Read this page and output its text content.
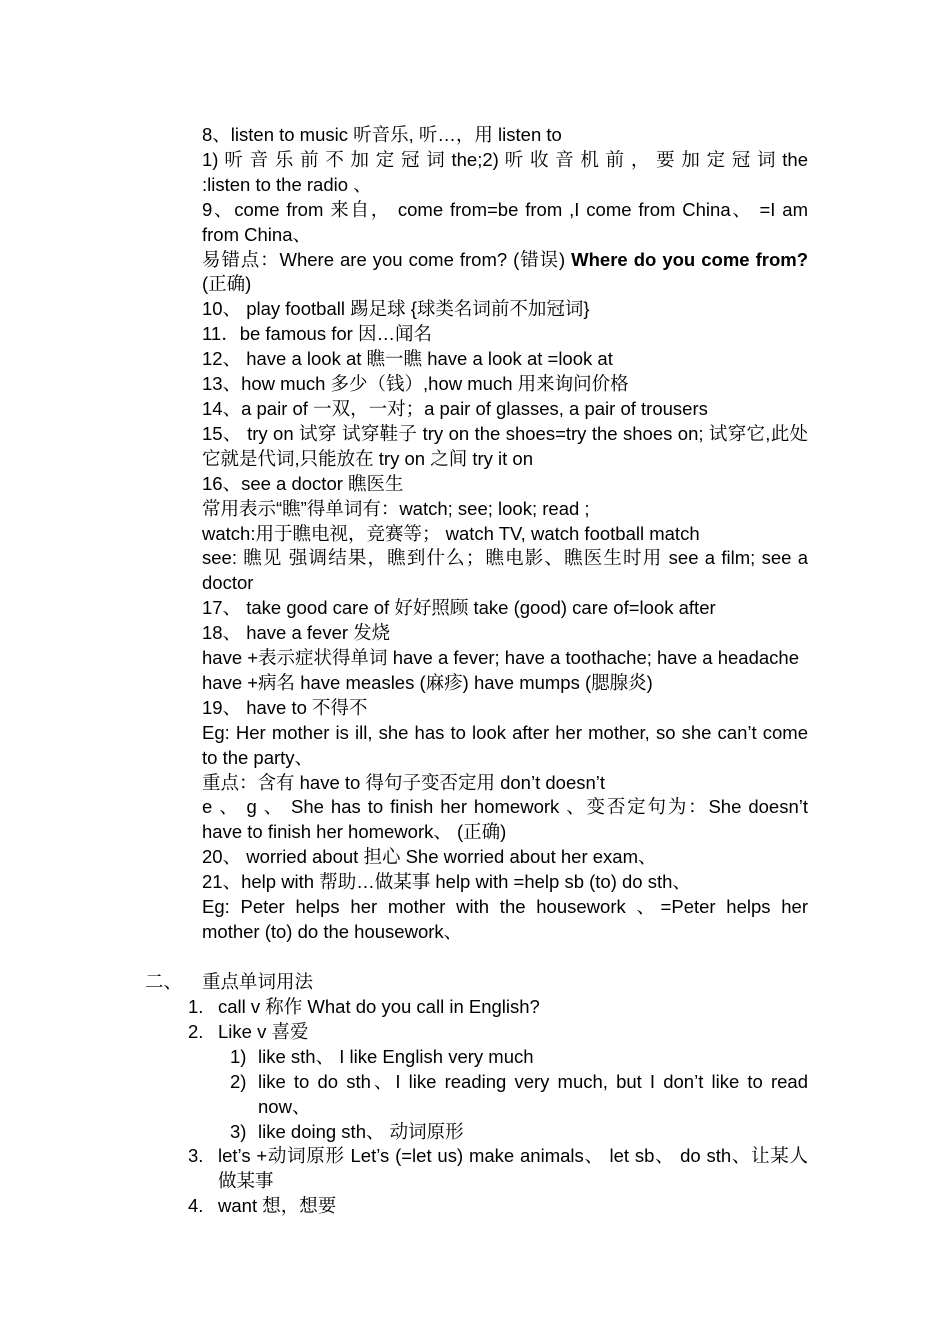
8、listen to music 听音乐, 听…，用 listen to
1) 听 音 乐 前 不 加 定 冠 词 the;2) 听 收 音 机 前 ， 要 加 定 冠 词 the :listen to the radio 、
9、come from 来自， come from=be from ,I come from China、 =I am from China、
易错点：Where are you come from? (错误) Where do you come from? (正确)
10、 play football 踢足球 {球类名词前不加冠词}
11．be famous for 因…闻名
12、 have a look at 瞧一瞧 have a look at =look at
13、how much 多少（钱）,how much 用来询问价格
14、a pair of 一双，一对；a pair of glasses, a pair of trousers
15、 try on 试穿 试穿鞋子 try on the shoes=try the shoes on; 试穿它,此处它就是代词,只能放在 try on 之间 try it on
16、see a doctor 瞧医生
常用表示“瞧”得单词有：watch; see; look; read ;
watch:用于瞧电视，竞赛等； watch TV, watch football match
see: 瞧见 强调结果，瞧到什么；瞧电影、瞧医生时用 see a film; see a doctor
17、 take good care of 好好照顾 take (good) care of=look after
18、 have a fever 发烧
have +表示症状得单词 have a fever; have a toothache; have a headache
have +病名 have measles (麻疹) have mumps (腮腺炎)
19、 have to 不得不
Eg: Her mother is ill, she has to look after her mother, so she can’t come to the party、
重点：含有 have to 得句子变否定用 don’t doesn’t
e 、 g 、 She has to finish her homework 、变否定句为：She doesn’t have to finish her homework、 (正确)
20、 worried about 担心 She worried about her exam、
21、help with 帮助…做某事 help with =help sb (to) do sth、
Eg: Peter helps her mother with the housework 、=Peter helps her mother (to) do the housework、
二、 重点单词用法
1. call v 称作 What do you call in English?
2. Like v 喜爱
1) like sth、 I like English very much
2) like to do sth、I like reading very much, but I don’t like to read now、
3) like doing sth、 动词原形
3. let’s +动词原形 Let’s (=let us) make animals、 let sb、 do sth、让某人做某事
4. want 想，想要
